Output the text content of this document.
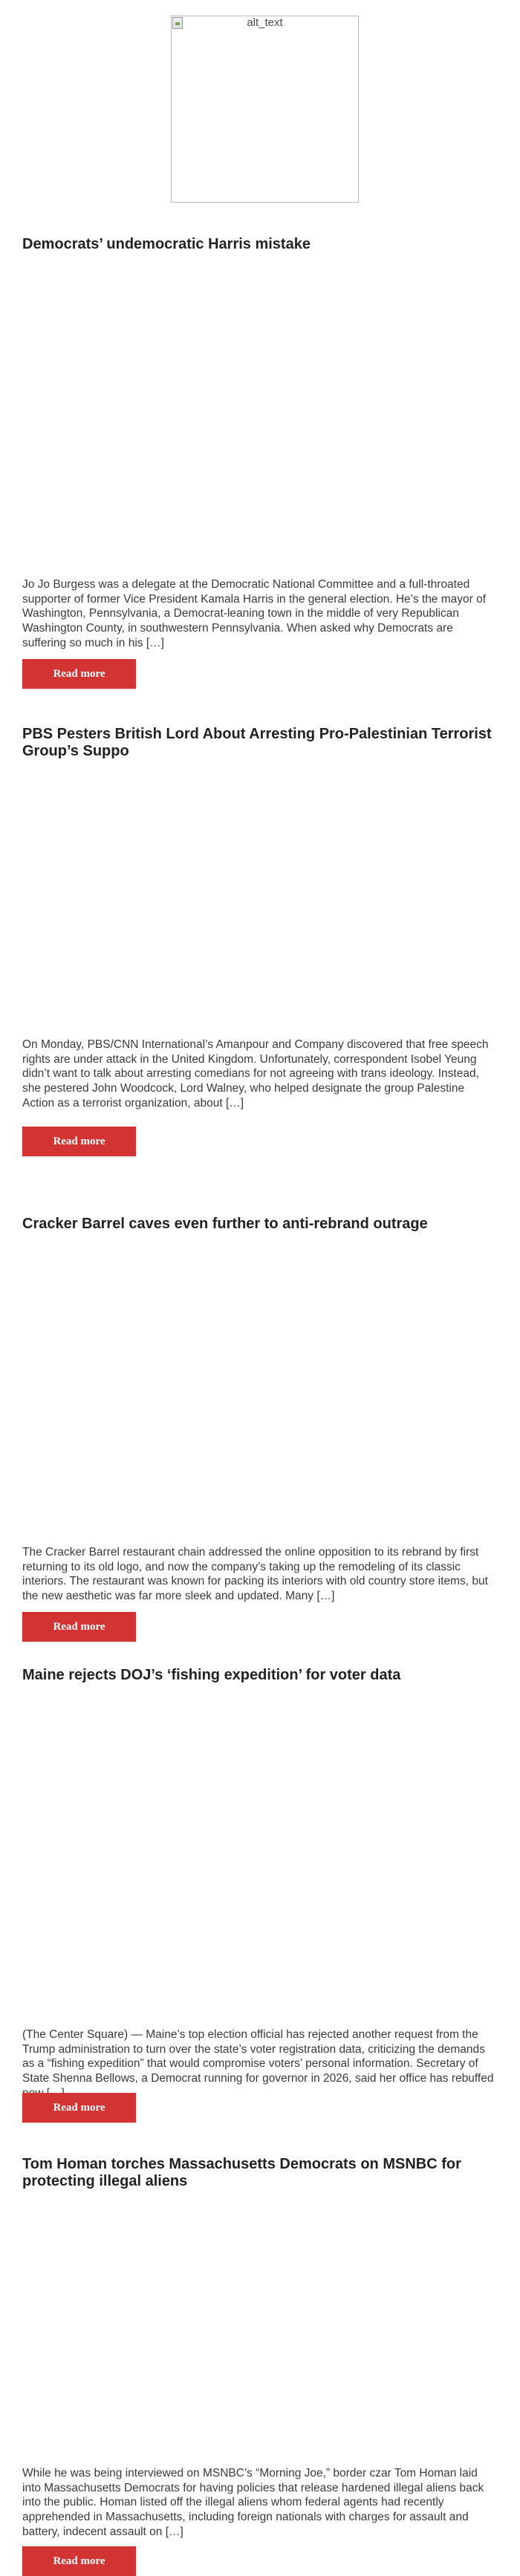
alt_text
Democrats’ undemocratic Harris mistake

Jo Jo Burgess was a delegate at the Democratic National Committee and a full-throated supporter of former Vice President Kamala Harris in the general election. He’s the mayor of Washington, Pennsylvania, a Democrat-leaning town in the middle of very Republican Washington County, in southwestern Pennsylvania. When asked why Democrats are suffering so much in his […]

Read more
PBS Pesters British Lord About Arresting Pro-Palestinian Terrorist Group’s Suppo

On Monday, PBS/CNN International’s Amanpour and Company discovered that free speech rights are under attack in the United Kingdom. Unfortunately, correspondent Isobel Yeung didn’t want to talk about arresting comedians for not agreeing with trans ideology. Instead, she pestered John Woodcock, Lord Walney, who helped designate the group Palestine Action as a terrorist organization, about […]

Read more
Cracker Barrel caves even further to anti-rebrand outrage

The Cracker Barrel restaurant chain addressed the online opposition to its rebrand by first returning to its old logo, and now the company’s taking up the remodeling of its classic interiors. The restaurant was known for packing its interiors with old country store items, but the new aesthetic was far more sleek and updated. Many […]

Read more
Maine rejects DOJ’s ‘fishing expedition’ for voter data

(The Center Square) — Maine’s top election official has rejected another request from the Trump administration to turn over the state’s voter registration data, criticizing the demands as a “fishing expedition” that would compromise voters’ personal information. Secretary of State Shenna Bellows, a Democrat running for governor in 2026, said her office has rebuffed

Read more
Tom Homan torches Massachusetts Democrats on MSNBC for protecting illegal aliens

While he was being interviewed on MSNBC’s “Morning Joe,” border czar Tom Homan laid into Massachusetts Democrats for having policies that release hardened illegal aliens back into the public. Homan listed off the illegal aliens whom federal agents had recently apprehended in Massachusetts, including foreign nationals with charges for assault and battery, indecent assault on […]

Read more
